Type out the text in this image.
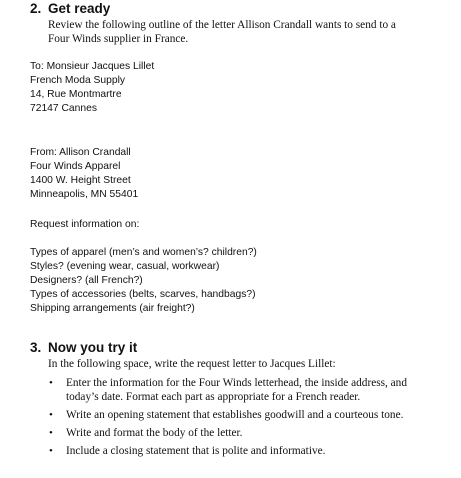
2. Get ready
Review the following outline of the letter Allison Crandall wants to send to a
Four Winds supplier in France.
To: Monsieur Jacques Lillet
French Moda Supply
14, Rue Montmartre
72147 Cannes
From: Allison Crandall
Four Winds Apparel
1400 W. Height Street
Minneapolis, MN 55401
Request information on:
Types of apparel (men’s and women’s? children?)
Styles? (evening wear, casual, workwear)
Designers? (all French?)
Types of accessories (belts, scarves, handbags?)
Shipping arrangements (air freight?)
3. Now you try it
In the following space, write the request letter to Jacques Lillet:
• Enter the information for the Four Winds letterhead, the inside address, and
today’s date. Format each part as appropriate for a French reader.
• Write an opening statement that establishes goodwill and a courteous tone.
• Write and format the body of the letter.
• Include a closing statement that is polite and informative.
